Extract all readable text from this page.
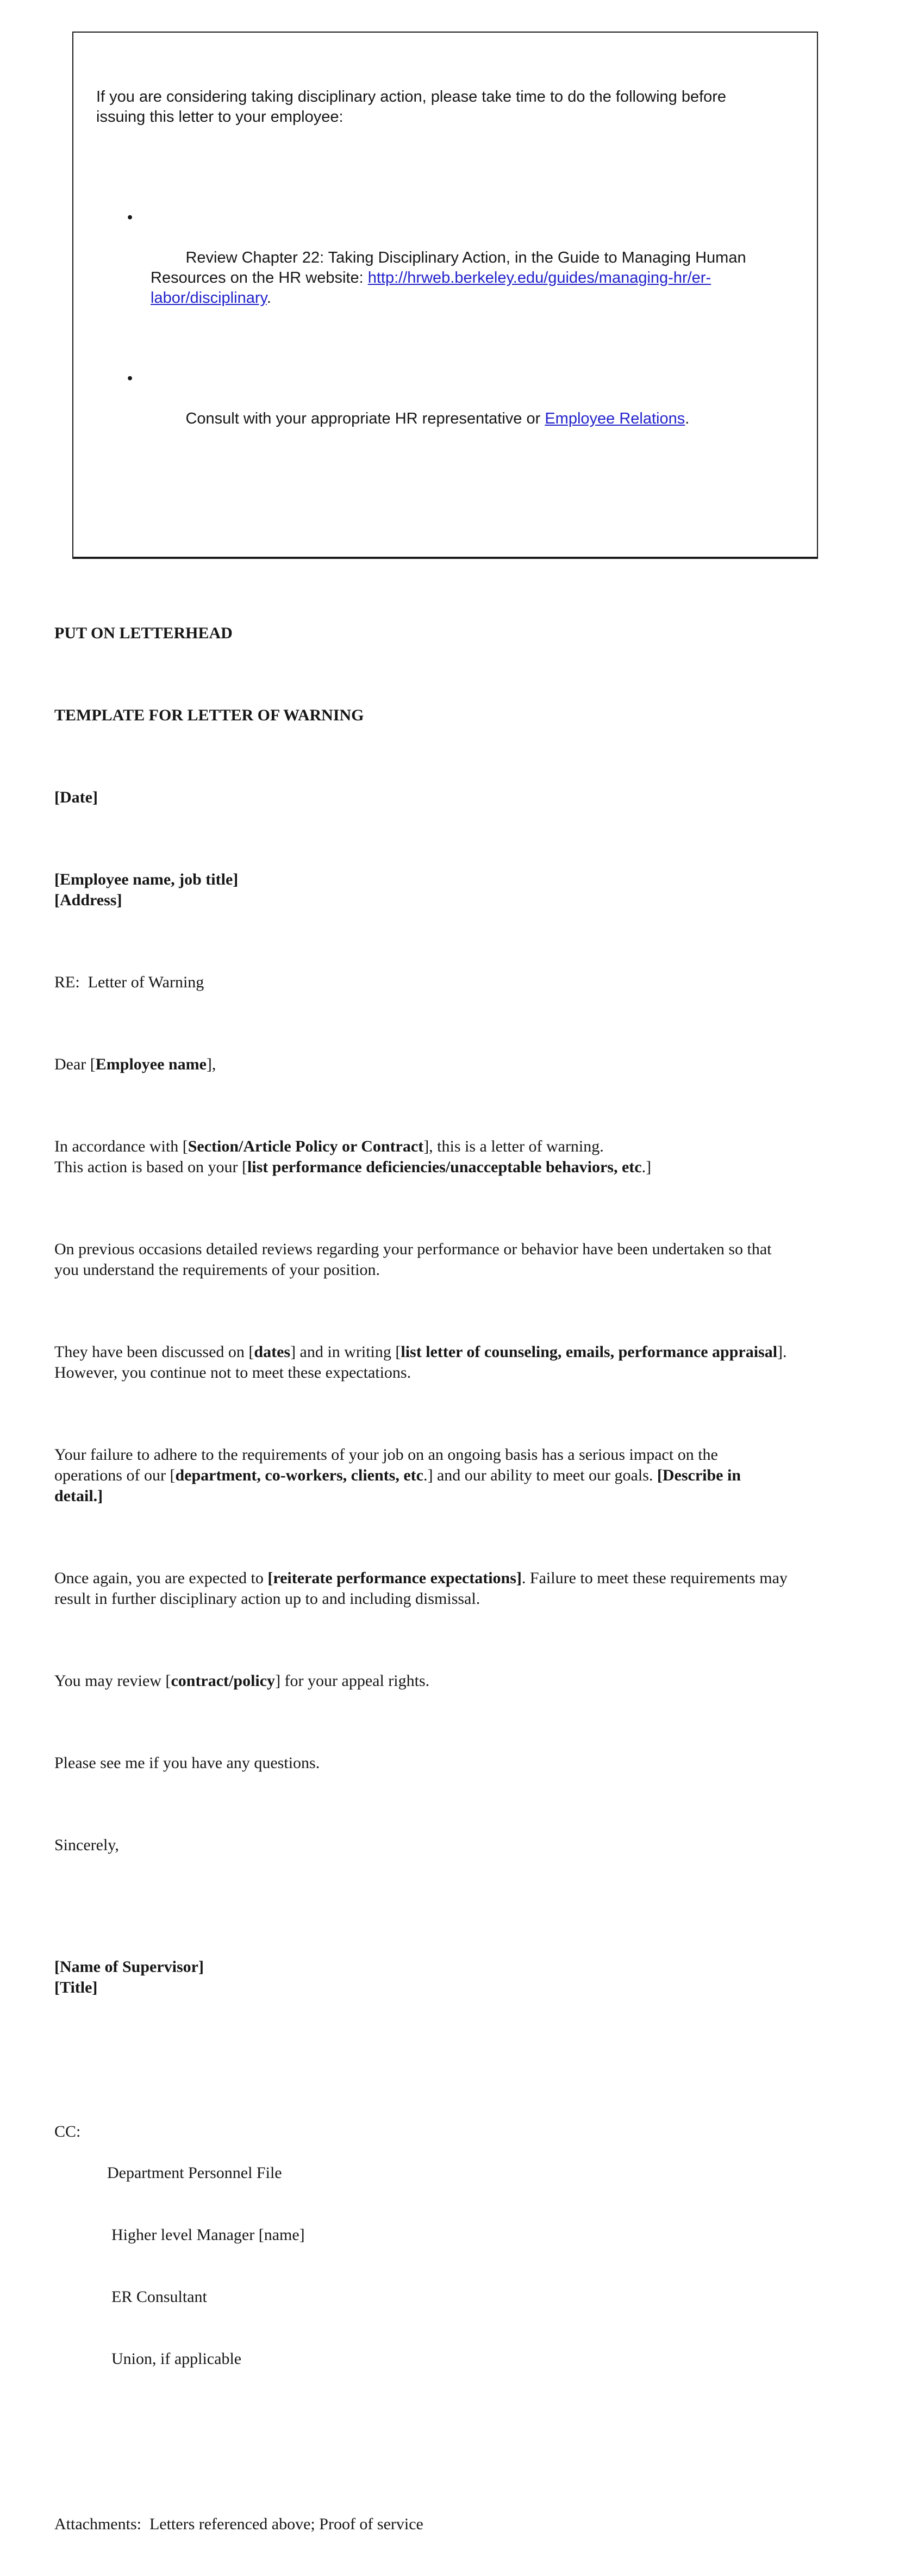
If you are considering taking disciplinary action, please take time to do the following before
issuing this letter to your employee:

•

Review Chapter 22: Taking Disciplinary Action, in the Guide to Managing Human
Resources on the HR website: http://hrweb.berkeley.edu/guides/managing-hr/er-
labor/disciplinary.

•

Consult with your appropriate HR representative or Employee Relations.

PUT ON LETTERHEAD

TEMPLATE FOR LETTER OF WARNING

[Date]

[Employee name, job title]
[Address]

RE:  Letter of Warning

Dear [Employee name],

In accordance with [Section/Article Policy or Contract], this is a letter of warning.
This action is based on your [list performance deficiencies/unacceptable behaviors, etc.]

On previous occasions detailed reviews regarding your performance or behavior have been undertaken so that
you understand the requirements of your position.

They have been discussed on [dates] and in writing [list letter of counseling, emails, performance appraisal].
However, you continue not to meet these expectations.

Your failure to adhere to the requirements of your job on an ongoing basis has a serious impact on the
operations of our [department, co-workers, clients, etc.] and our ability to meet our goals. [Describe in
detail.]

Once again, you are expected to [reiterate performance expectations]. Failure to meet these requirements may
result in further disciplinary action up to and including dismissal.

You may review [contract/policy] for your appeal rights.

Please see me if you have any questions.

Sincerely,

[Name of Supervisor]
[Title]

CC:

Department Personnel File

Higher level Manager [name]

ER Consultant

Union, if applicable

Attachments:  Letters referenced above; Proof of service
